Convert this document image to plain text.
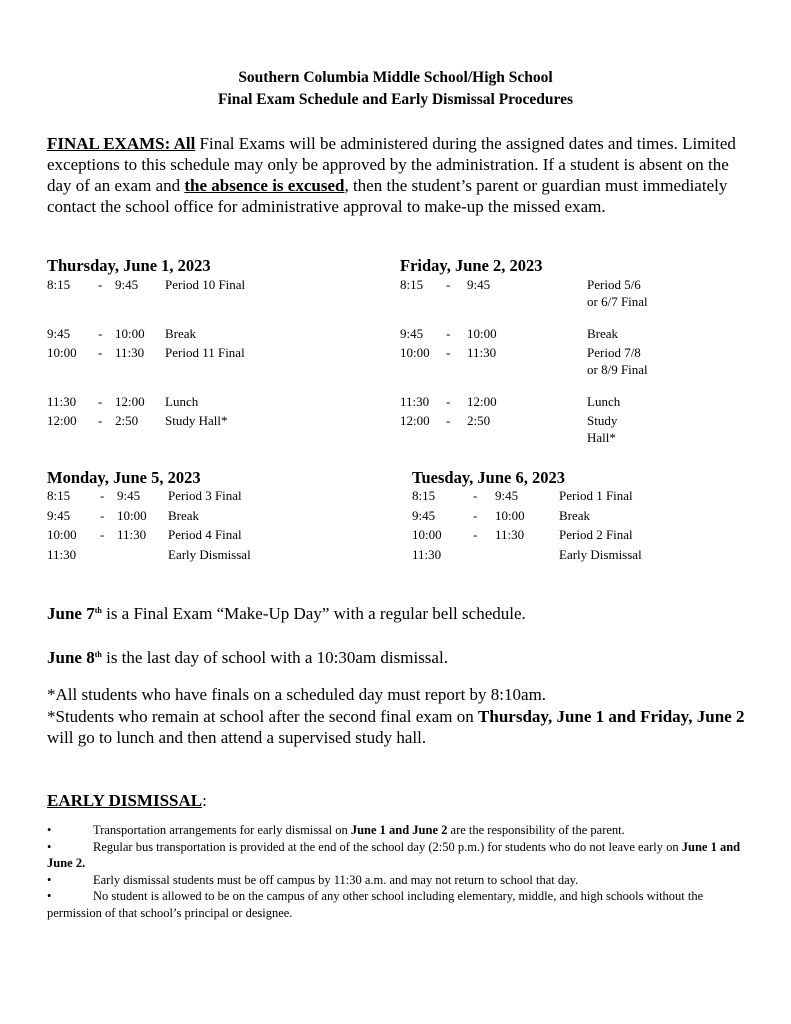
Southern Columbia Middle School/High School
Final Exam Schedule and Early Dismissal Procedures
FINAL EXAMS: All Final Exams will be administered during the assigned dates and times. Limited exceptions to this schedule may only be approved by the administration. If a student is absent on the day of an exam and the absence is excused, then the student’s parent or guardian must immediately contact the school office for administrative approval to make-up the missed exam.
Thursday, June 1, 2023
8:15 - 9:45 Period 10 Final
9:45 - 10:00 Break
10:00 - 11:30 Period 11 Final
11:30 - 12:00 Lunch
12:00 - 2:50 Study Hall*
Friday, June 2, 2023
8:15 - 9:45	Period 5/6 or 6/7 Final
9:45 - 10:00	Break
10:00 - 11:30	Period 7/8 or 8/9 Final
11:30 - 12:00	Lunch
12:00 - 2:50	Study Hall*
Monday, June 5, 2023
8:15 - 9:45 Period 3 Final
9:45 - 10:00 Break
10:00 - 11:30 Period 4 Final
11:30	Early Dismissal
Tuesday, June 6, 2023
8:15	- 9:45	Period 1 Final
9:45	- 10:00	Break
10:00 - 11:30	Period 2 Final
11:30	Early Dismissal
June 7th is a Final Exam “Make-Up Day” with a regular bell schedule.
June 8th is the last day of school with a 10:30am dismissal.
*All students who have finals on a scheduled day must report by 8:10am.
*Students who remain at school after the second final exam on Thursday, June 1 and Friday, June 2 will go to lunch and then attend a supervised study hall.
EARLY DISMISSAL:
•	Transportation arrangements for early dismissal on June 1 and June 2 are the responsibility of the parent.
•	Regular bus transportation is provided at the end of the school day (2:50 p.m.) for students who do not leave early on June 1 and June 2.
•	Early dismissal students must be off campus by 11:30 a.m. and may not return to school that day.
•	No student is allowed to be on the campus of any other school including elementary, middle, and high schools without the permission of that school’s principal or designee.
